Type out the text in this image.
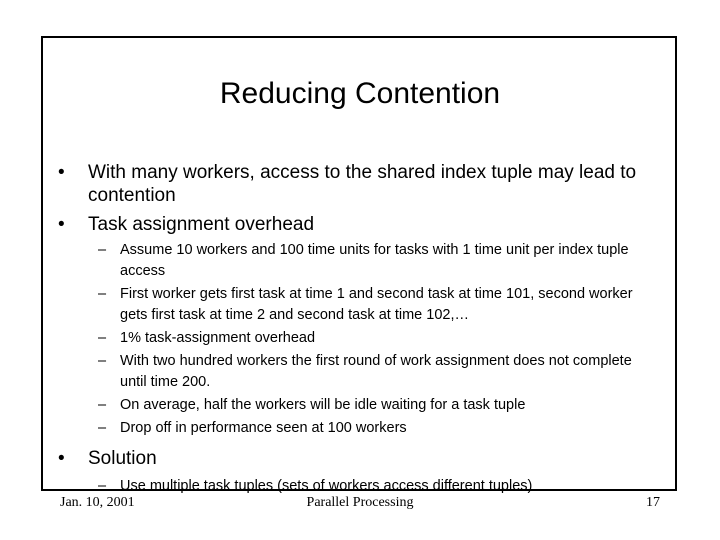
Reducing Contention
•	With many workers, access to the shared index tuple may lead to contention
•	Task assignment overhead
– Assume 10 workers and 100 time units for tasks with 1 time unit per index tuple access
– First worker gets first task at time 1 and second task at time 101, second worker gets first task at time 2 and second task at time 102,…
– 1% task-assignment overhead
– With two hundred workers the first round of work assignment does not complete until time 200.
– On average, half the workers will be idle waiting for a task tuple
– Drop off in performance seen at 100 workers
•	Solution
– Use multiple task tuples (sets of workers access different tuples)
Jan. 10, 2001	Parallel Processing	17
